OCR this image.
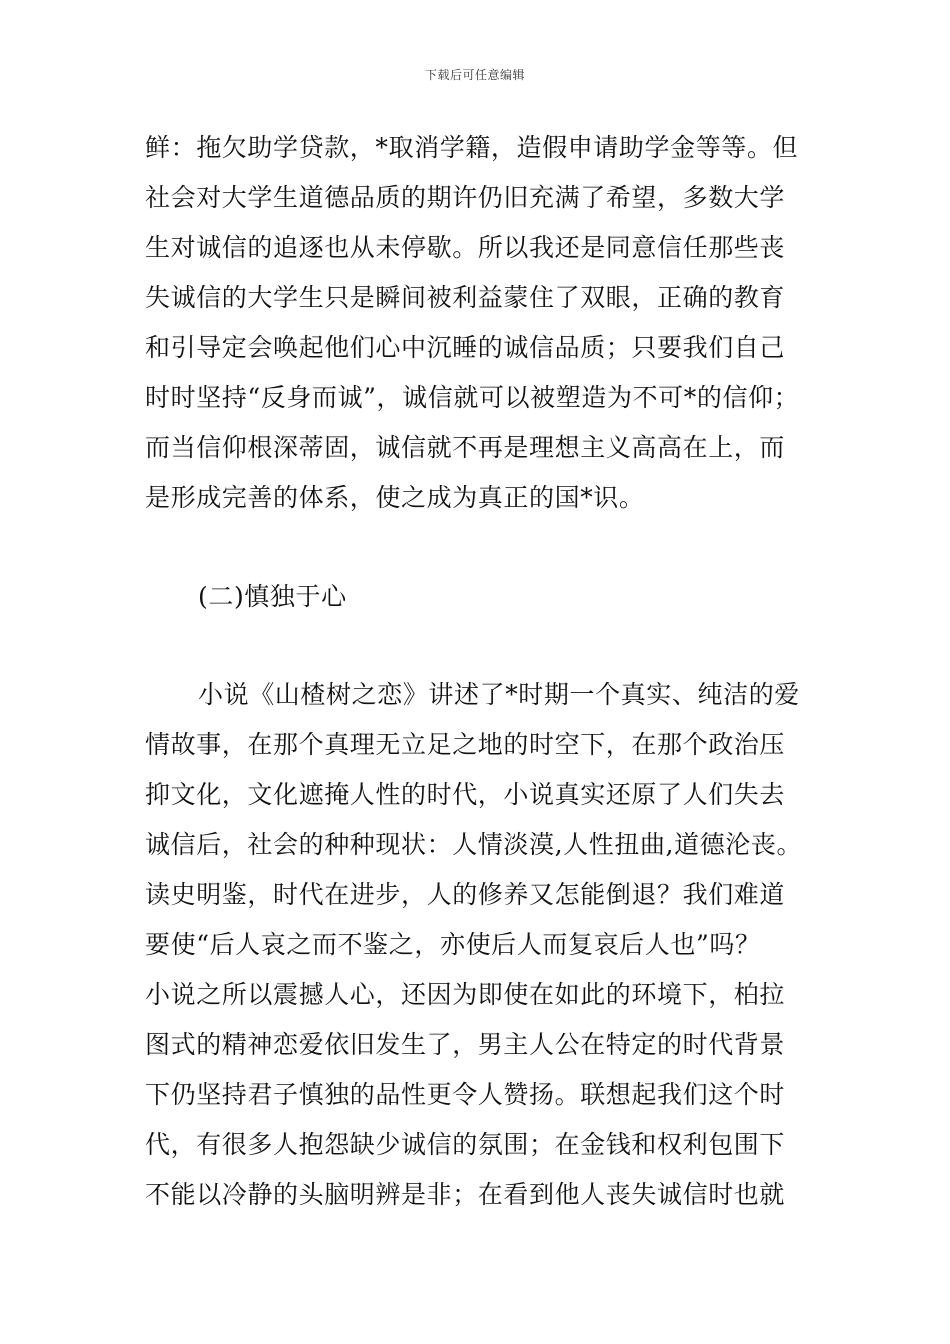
下载后可任意编辑
鲜：拖欠助学贷款，*取消学籍，造假申请助学金等等。但
社会对大学生道德品质的期许仍旧充满了希望，多数大学
生对诚信的追逐也从未停歇。所以我还是同意信任那些丧
失诚信的大学生只是瞬间被利益蒙住了双眼，正确的教育
和引导定会唤起他们心中沉睡的诚信品质；只要我们自己
时时坚持“反身而诚”，诚信就可以被塑造为不可*的信仰；
而当信仰根深蒂固，诚信就不再是理想主义高高在上，而
是形成完善的体系，使之成为真正的国*识。
(二)慎独于心
小说《山楂树之恋》讲述了*时期一个真实、纯洁的爱
情故事，在那个真理无立足之地的时空下，在那个政治压
抑文化，文化遮掩人性的时代，小说真实还原了人们失去
诚信后，社会的种种现状：人情淡漠,人性扭曲,道德沦丧。
读史明鉴，时代在进步，人的修养又怎能倒退？我们难道
要使“后人哀之而不鉴之，亦使后人而复哀后人也”吗？
小说之所以震撼人心，还因为即使在如此的环境下，柏拉
图式的精神恋爱依旧发生了，男主人公在特定的时代背景
下仍坚持君子慎独的品性更令人赞扬。联想起我们这个时
代，有很多人抱怨缺少诚信的氛围；在金钱和权利包围下
不能以冷静的头脑明辨是非；在看到他人丧失诚信时也就
